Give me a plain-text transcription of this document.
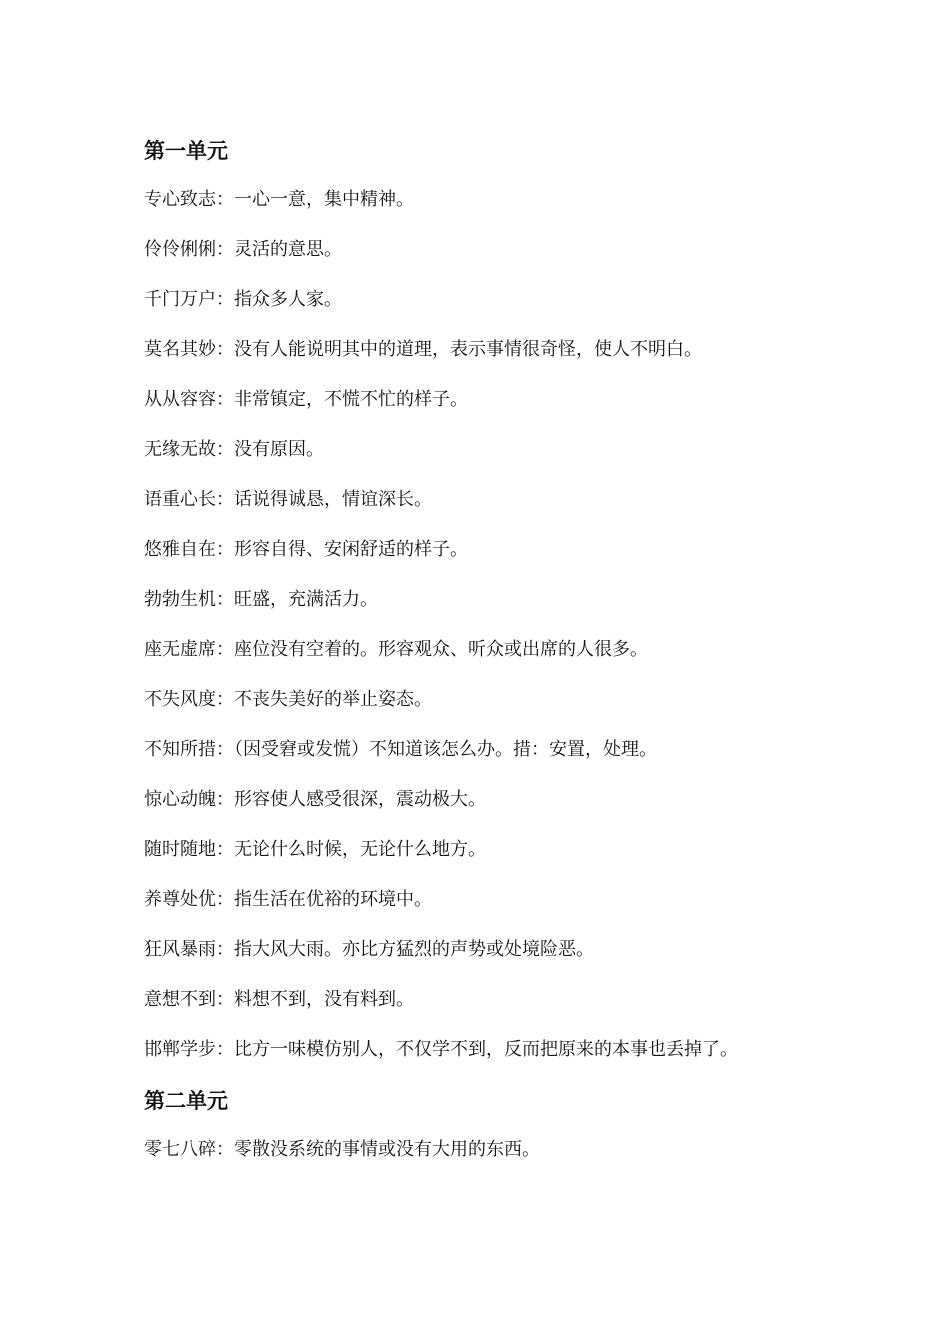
第一单元
专心致志：一心一意，集中精神。
伶伶俐俐：灵活的意思。
千门万户：指众多人家。
莫名其妙：没有人能说明其中的道理，表示事情很奇怪，使人不明白。
从从容容：非常镇定，不慌不忙的样子。
无缘无故：没有原因。
语重心长：话说得诚恳，情谊深长。
悠雅自在：形容自得、安闲舒适的样子。
勃勃生机：旺盛，充满活力。
座无虚席：座位没有空着的。形容观众、听众或出席的人很多。
不失风度：不丧失美好的举止姿态。
不知所措：（因受窘或发慌）不知道该怎么办。措：安置，处理。
惊心动魄：形容使人感受很深，震动极大。
随时随地：无论什么时候，无论什么地方。
养尊处优：指生活在优裕的环境中。
狂风暴雨：指大风大雨。亦比方猛烈的声势或处境险恶。
意想不到：料想不到，没有料到。
邯郸学步：比方一味模仿别人，不仅学不到，反而把原来的本事也丢掉了。
第二单元
零七八碎：零散没系统的事情或没有大用的东西。
